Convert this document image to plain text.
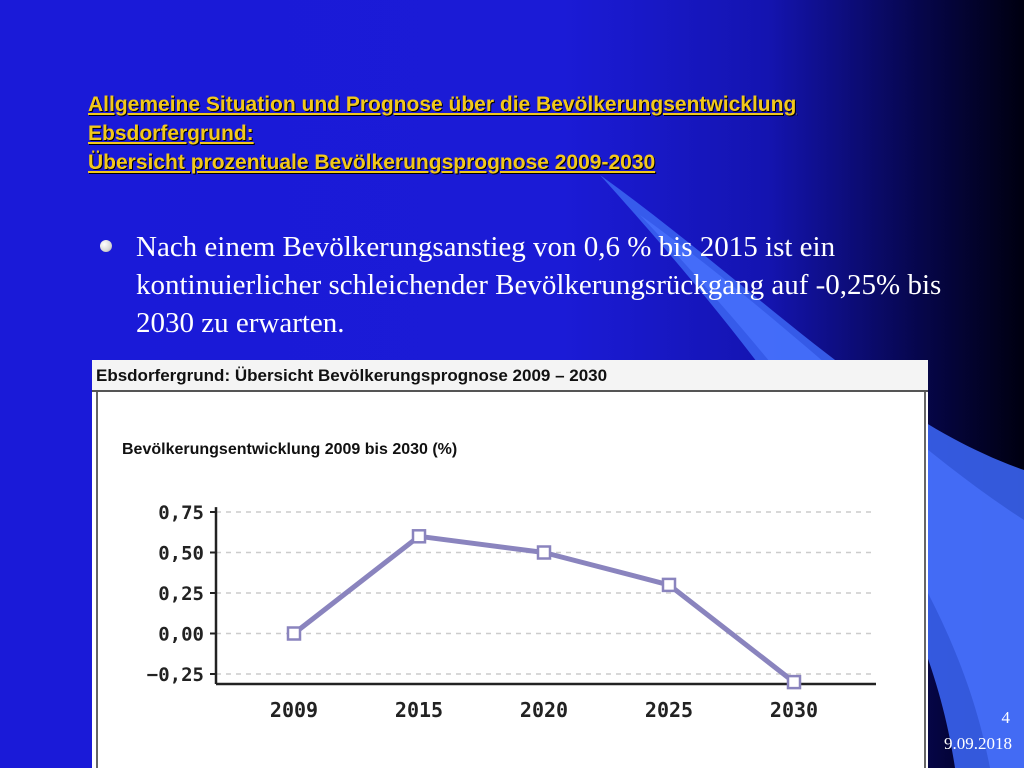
Allgemeine Situation und Prognose über die Bevölkerungsentwicklung
Ebsdorfergrund:
Übersicht prozentuale Bevölkerungsprognose 2009-2030
Nach einem Bevölkerungsanstieg von 0,6 % bis 2015 ist ein kontinuierlicher schleichender Bevölkerungsrückgang auf -0,25% bis 2030 zu erwarten.
Ebsdorfergrund: Übersicht Bevölkerungsprognose 2009 – 2030
Bevölkerungsentwicklung 2009 bis 2030 (%)
0,75
0,50
0,25
0,00
−0,25
2009	2015	2020	2025	2030	4
9.09.2018
